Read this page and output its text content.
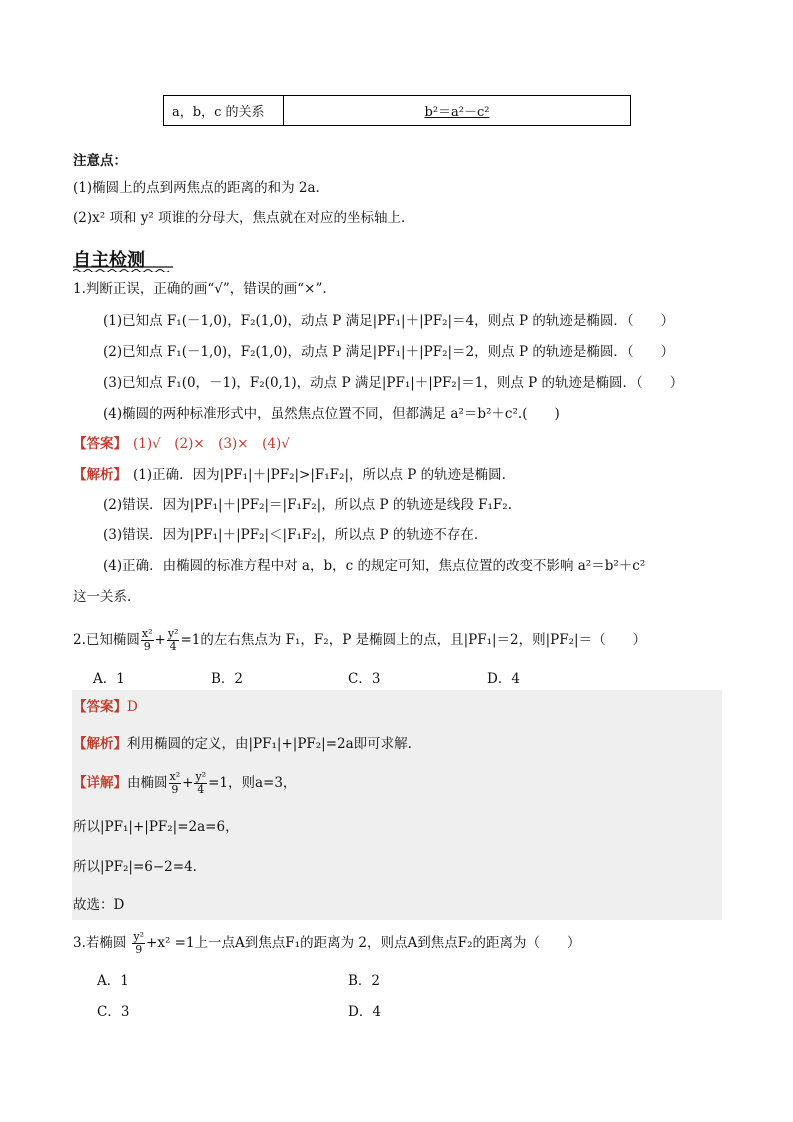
a，b，c 的关系	b²＝a²－c²
注意点：
(1)椭圆上的点到两焦点的距离的和为 2a.
(2)x² 项和 y² 项谁的分母大，焦点就在对应的坐标轴上．
自主检测
1.判断正误，正确的画“√”，错误的画“×”.
(1)已知点 F₁(－1,0)，F₂(1,0)，动点 P 满足|PF₁|＋|PF₂|＝4，则点 P 的轨迹是椭圆．（　　）
(2)已知点 F₁(－1,0)，F₂(1,0)，动点 P 满足|PF₁|＋|PF₂|＝2，则点 P 的轨迹是椭圆．（　　）
(3)已知点 F₁(0，－1)，F₂(0,1)，动点 P 满足|PF₁|＋|PF₂|＝1，则点 P 的轨迹是椭圆．（　　）
(4)椭圆的两种标准形式中，虽然焦点位置不同，但都满足 a²＝b²＋c².(　　)
【答案】 (1)√　(2)×　(3)×　(4)√
【解析】 (1)正确．因为|PF₁|＋|PF₂|>|F₁F₂|，所以点 P 的轨迹是椭圆.
(2)错误．因为|PF₁|＋|PF₂|＝|F₁F₂|，所以点 P 的轨迹是线段 F₁F₂.
(3)错误．因为|PF₁|＋|PF₂|＜|F₁F₂|，所以点 P 的轨迹不存在.
(4)正确．由椭圆的标准方程中对 a，b，c 的规定可知，焦点位置的改变不影响 a²＝b²＋c²
这一关系.
2.已知椭圆 $\frac{\text{x²}}{9} + \frac{\text{y²}}{4} =1$的左右焦点为 F₁，F₂，P 是椭圆上的点，且|PF₁|＝2，则|PF₂|＝（　　）
A．1	B．2	C．3	D．4
【答案】D
【解析】利用椭圆的定义，由|PF₁|+|PF₂|=2a即可求解.
【详解】由椭圆 $\frac{\text{x²}}{9} + \frac{\text{y²}}{4} =1$，则a=3，
所以|PF₁|+|PF₂|=2a=6，
所以|PF₂|=6−2=4.
故选：D
3.若椭圆 $\frac{\text{y²}}{9} +x^2 =1$上一点A到焦点F₁的距离为 2，则点A到焦点F₂的距离为（　　）
A．1	B．2
C．3	D．4
